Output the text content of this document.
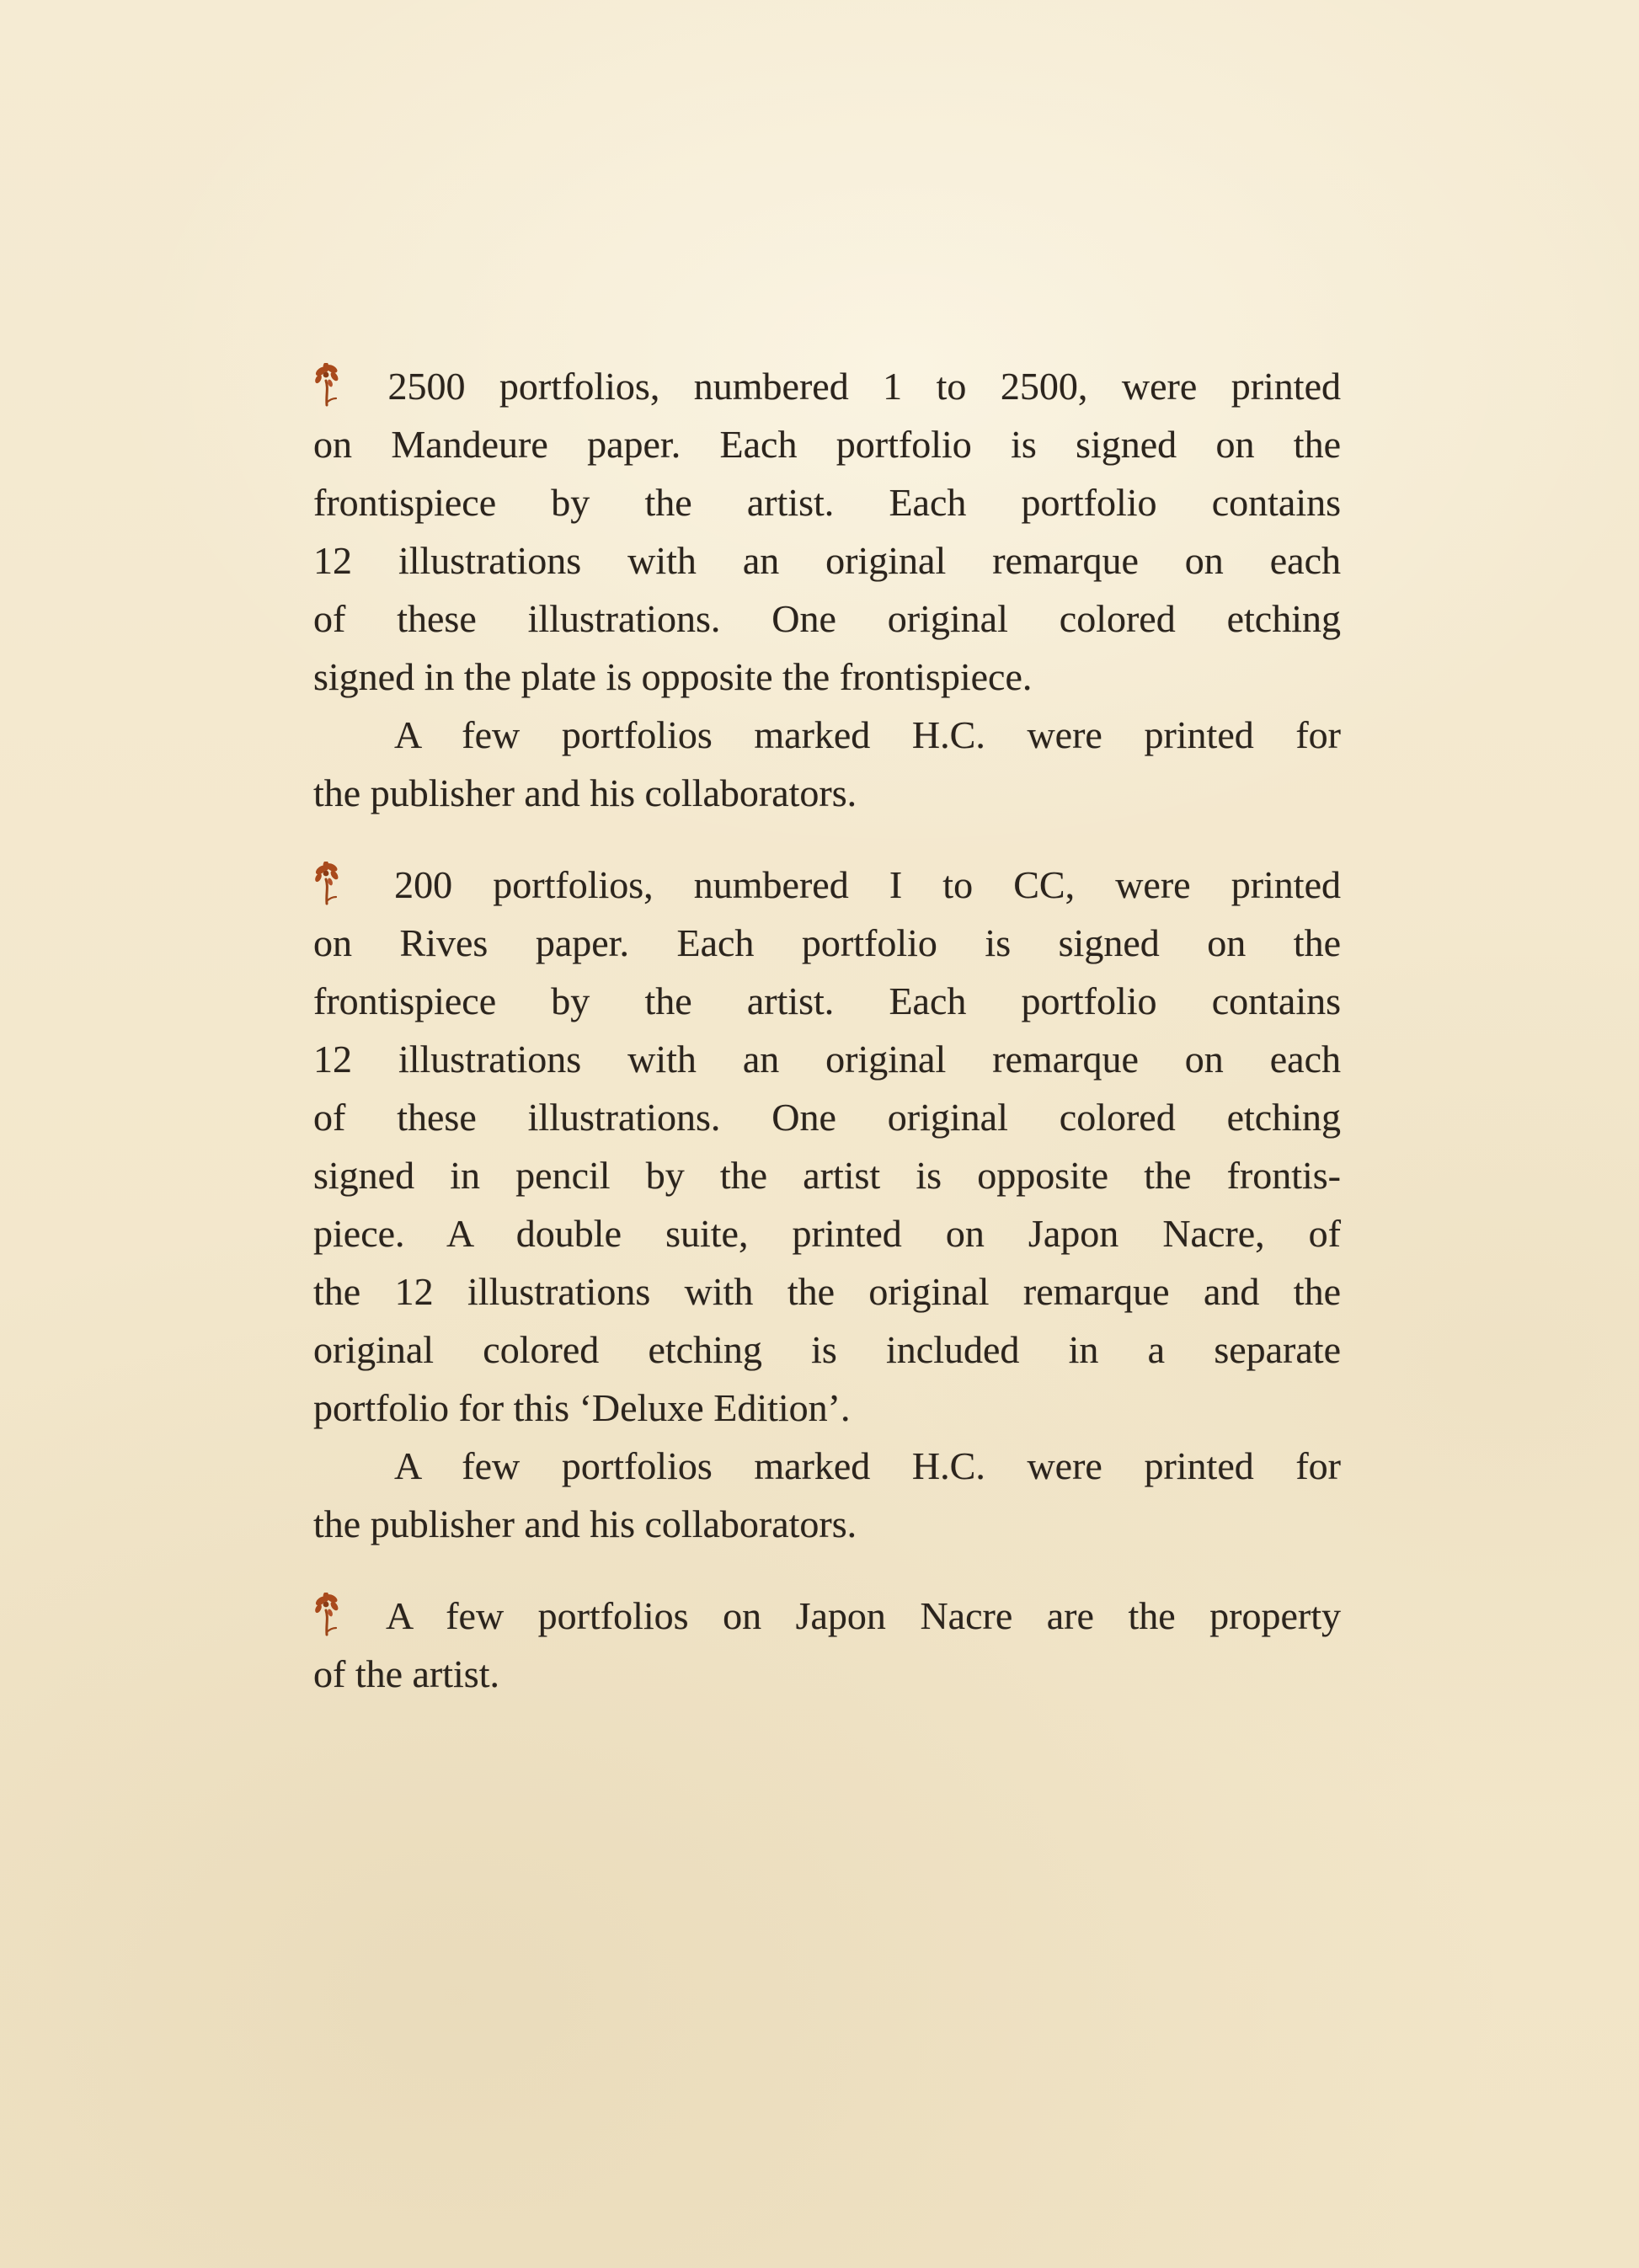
2500 portfolios, numbered 1 to 2500, were printed
on Mandeure paper. Each portfolio is signed on the
frontispiece by the artist. Each portfolio contains
12 illustrations with an original remarque on each
of these illustrations. One original colored etching
signed in the plate is opposite the frontispiece.
A few portfolios marked H.C. were printed for
the publisher and his collaborators.
200 portfolios, numbered I to CC, were printed
on Rives paper. Each portfolio is signed on the
frontispiece by the artist. Each portfolio contains
12 illustrations with an original remarque on each
of these illustrations. One original colored etching
signed in pencil by the artist is opposite the frontis-
piece. A double suite, printed on Japon Nacre, of
the 12 illustrations with the original remarque and the
original colored etching is included in a separate
portfolio for this ‘Deluxe Edition’.
A few portfolios marked H.C. were printed for
the publisher and his collaborators.
A few portfolios on Japon Nacre are the property
of the artist.
